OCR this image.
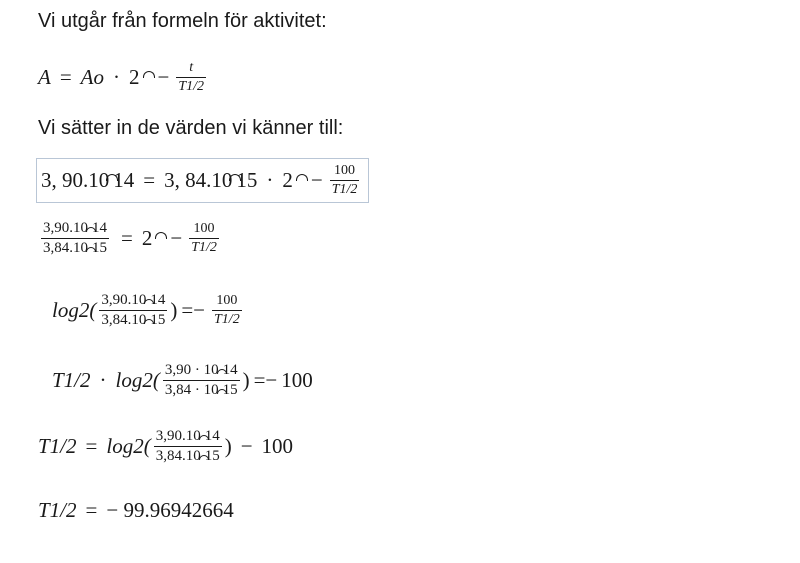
Vi utgår från formeln för aktivitet:
$A = Ao \cdot 2 - \frac{t}{T1/2}$
Vi sätter in de värden vi känner till:
3, 90.10 14 = 3, 84.10 $15 \cdot 2 - \frac{100}{T1/2}$
$\frac{3,90.10 14}{3,84.10 15} = 2 - \frac{100}{T1/2}$
$\log 2( \frac{3,90.10 14}{3,84.10 15}$ ) =− $\frac{100}{T1/2}$
$T1/2 \cdot \log 2( \frac{3,90 \cdot 10 14}{3,84 \cdot 10 15}$ ) =− 100
$T1/2 = \log 2( \frac{3,90.10 14}{3,84.10 15}$ ) − 100
T1/2 = − 99.96942664
